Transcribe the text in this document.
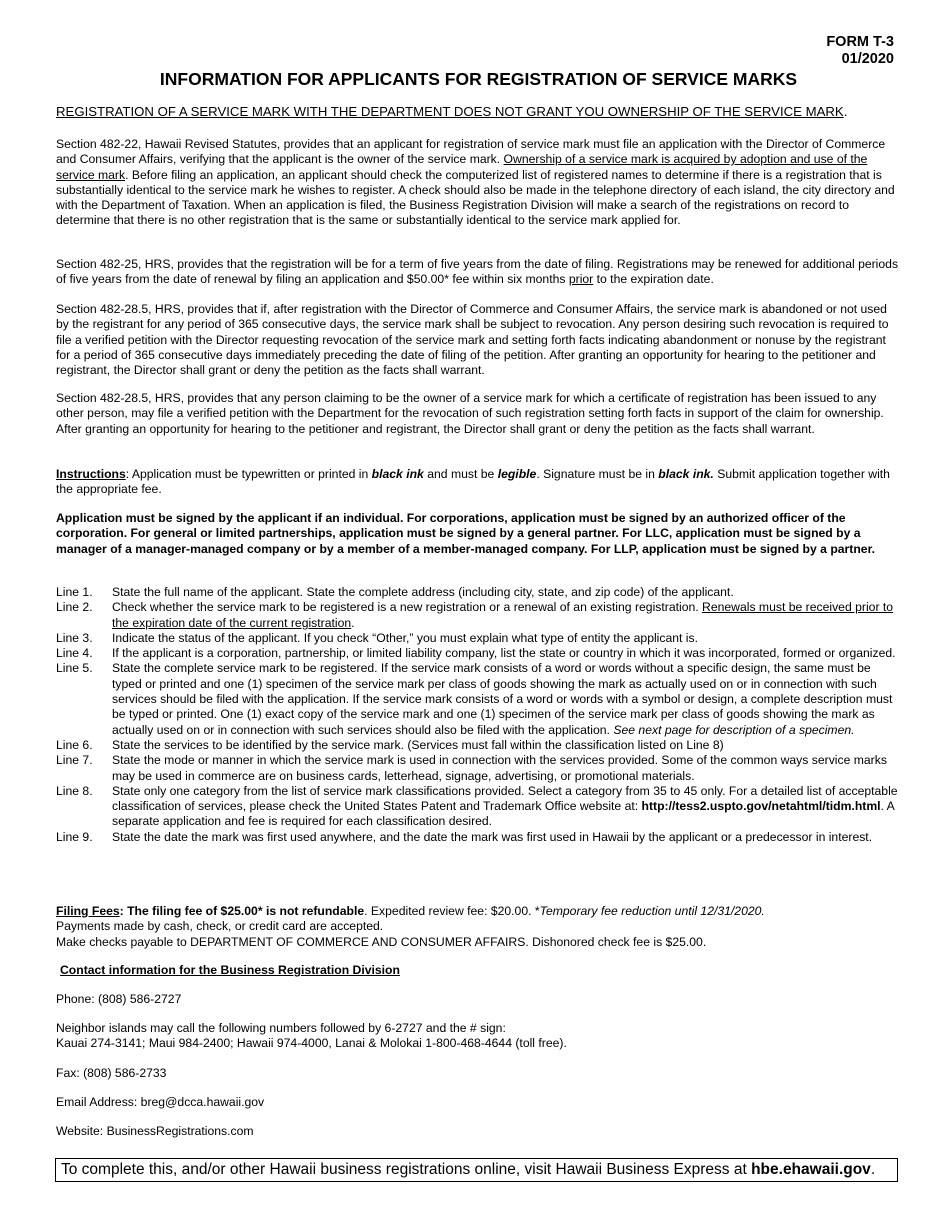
FORM T-3
01/2020
INFORMATION FOR APPLICANTS FOR REGISTRATION OF SERVICE MARKS
REGISTRATION OF A SERVICE MARK WITH THE DEPARTMENT DOES NOT GRANT YOU OWNERSHIP OF THE SERVICE MARK.

Section 482-22, Hawaii Revised Statutes, provides that an applicant for registration of service mark must file an application with the Director of Commerce and Consumer Affairs, verifying that the applicant is the owner of the service mark. Ownership of a service mark is acquired by adoption and use of the service mark. Before filing an application, an applicant should check the computerized list of registered names to determine if there is a registration that is substantially identical to the service mark he wishes to register. A check should also be made in the telephone directory of each island, the city directory and with the Department of Taxation. When an application is filed, the Business Registration Division will make a search of the registrations on record to determine that there is no other registration that is the same or substantially identical to the service mark applied for.

Section 482-25, HRS, provides that the registration will be for a term of five years from the date of filing. Registrations may be renewed for additional periods of five years from the date of renewal by filing an application and $50.00* fee within six months prior to the expiration date.

Section 482-28.5, HRS, provides that if, after registration with the Director of Commerce and Consumer Affairs, the service mark is abandoned or not used by the registrant for any period of 365 consecutive days, the service mark shall be subject to revocation. Any person desiring such revocation is required to file a verified petition with the Director requesting revocation of the service mark and setting forth facts indicating abandonment or nonuse by the registrant for a period of 365 consecutive days immediately preceding the date of filing of the petition. After granting an opportunity for hearing to the petitioner and registrant, the Director shall grant or deny the petition as the facts shall warrant.

Section 482-28.5, HRS, provides that any person claiming to be the owner of a service mark for which a certificate of registration has been issued to any other person, may file a verified petition with the Department for the revocation of such registration setting forth facts in support of the claim for ownership. After granting an opportunity for hearing to the petitioner and registrant, the Director shall grant or deny the petition as the facts shall warrant.

Instructions: Application must be typewritten or printed in black ink and must be legible. Signature must be in black ink. Submit application together with the appropriate fee.

Application must be signed by the applicant if an individual. For corporations, application must be signed by an authorized officer of the corporation. For general or limited partnerships, application must be signed by a general partner. For LLC, application must be signed by a manager of a manager-managed company or by a member of a member-managed company. For LLP, application must be signed by a partner.

Line 1.	State the full name of the applicant. State the complete address (including city, state, and zip code) of the applicant.
Line 2.	Check whether the service mark to be registered is a new registration or a renewal of an existing registration. Renewals must be received prior to the expiration date of the current registration.
Line 3.	Indicate the status of the applicant. If you check “Other,” you must explain what type of entity the applicant is.
Line 4.	If the applicant is a corporation, partnership, or limited liability company, list the state or country in which it was incorporated, formed or organized.
Line 5.	State the complete service mark to be registered. If the service mark consists of a word or words without a specific design, the same must be typed or printed and one (1) specimen of the service mark per class of goods showing the mark as actually used on or in connection with such services should be filed with the application. If the service mark consists of a word or words with a symbol or design, a complete description must be typed or printed. One (1) exact copy of the service mark and one (1) specimen of the service mark per class of goods showing the mark as actually used on or in connection with such services should also be filed with the application. See next page for description of a specimen.
Line 6.	State the services to be identified by the service mark. (Services must fall within the classification listed on Line 8)
Line 7.	State the mode or manner in which the service mark is used in connection with the services provided. Some of the common ways service marks may be used in commerce are on business cards, letterhead, signage, advertising, or promotional materials.
Line 8.	State only one category from the list of service mark classifications provided. Select a category from 35 to 45 only. For a detailed list of acceptable classification of services, please check the United States Patent and Trademark Office website at: http://tess2.uspto.gov/netahtml/tidm.html. A separate application and fee is required for each classification desired.
Line 9.	State the date the mark was first used anywhere, and the date the mark was first used in Hawaii by the applicant or a predecessor in interest.
Filing Fees: The filing fee of $25.00* is not refundable. Expedited review fee: $20.00. *Temporary fee reduction until 12/31/2020.
Payments made by cash, check, or credit card are accepted.
Make checks payable to DEPARTMENT OF COMMERCE AND CONSUMER AFFAIRS. Dishonored check fee is $25.00.
Contact information for the Business Registration Division
Phone: (808) 586-2727
Neighbor islands may call the following numbers followed by 6-2727 and the # sign:
Kauai 274-3141; Maui 984-2400; Hawaii 974-4000, Lanai & Molokai 1-800-468-4644 (toll free).
Fax: (808) 586-2733
Email Address: breg@dcca.hawaii.gov
Website: BusinessRegistrations.com
To complete this, and/or other Hawaii business registrations online, visit Hawaii Business Express at hbe.ehawaii.gov.
